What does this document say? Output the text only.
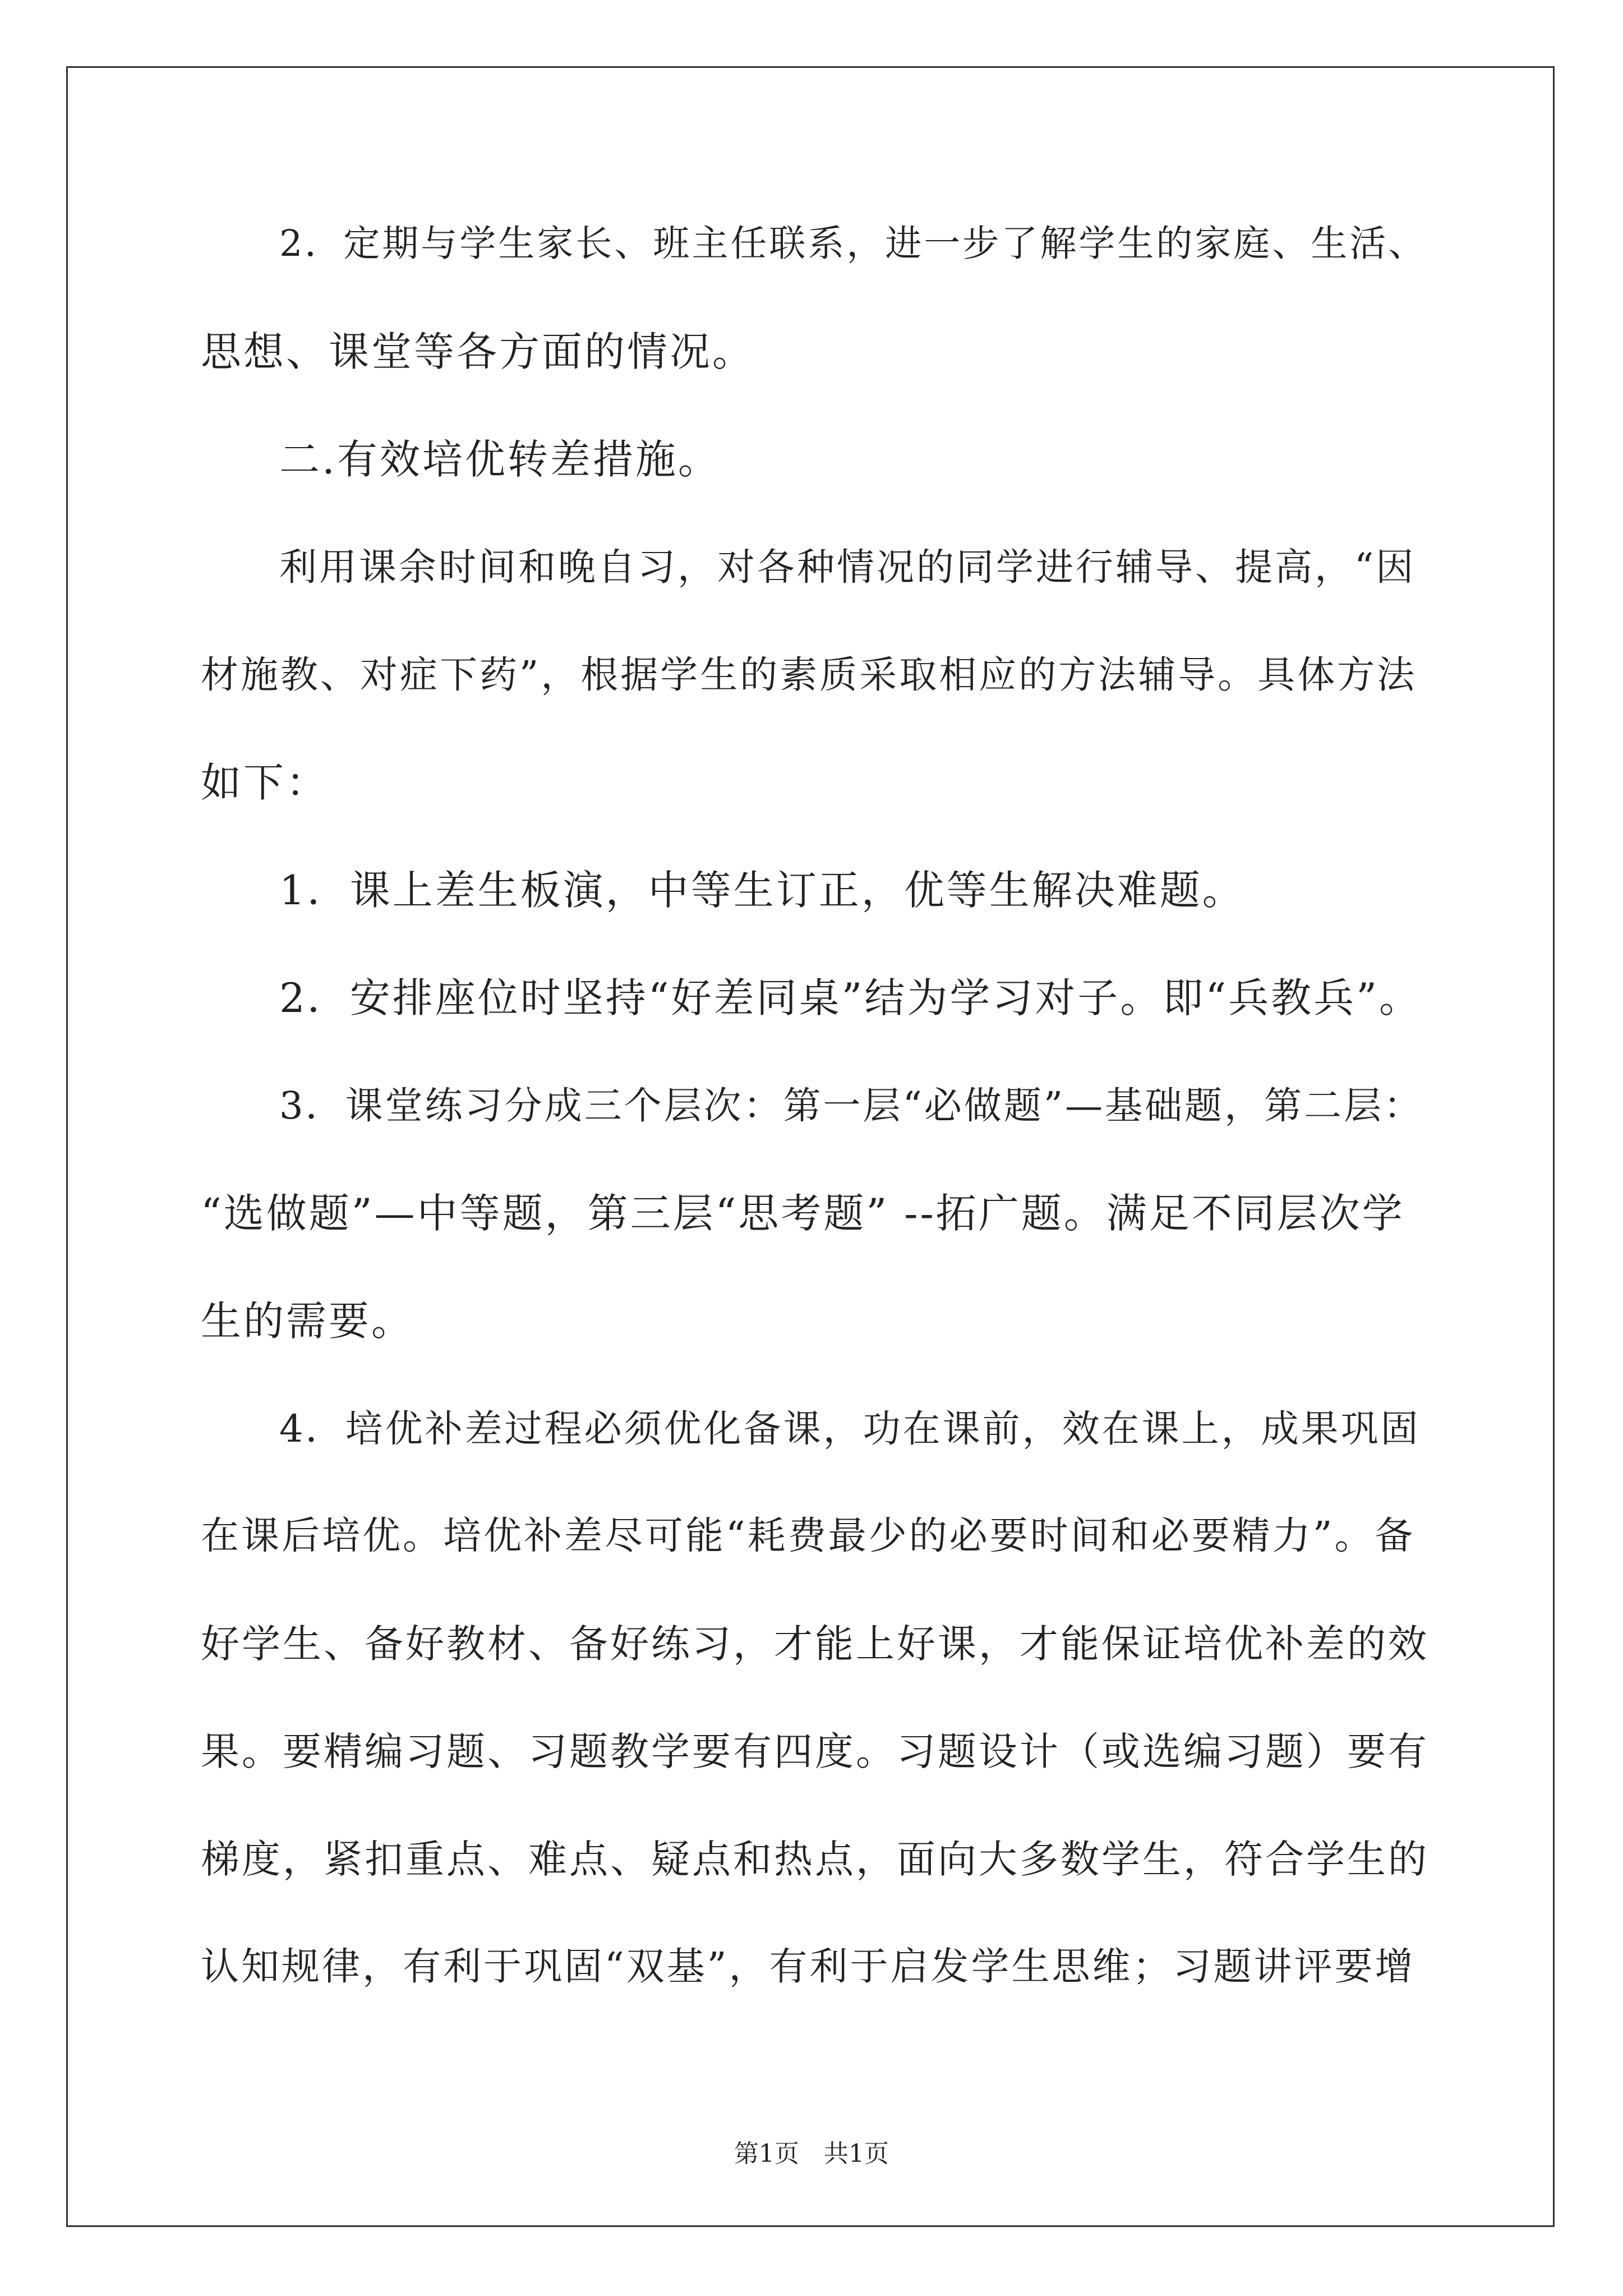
2．定期与学生家长、班主任联系，进一步了解学生的家庭、生活、
思想、课堂等各方面的情况。
二.有效培优转差措施。
利用课余时间和晚自习，对各种情况的同学进行辅导、提高，“因
材施教、对症下药”，根据学生的素质采取相应的方法辅导。具体方法
如下：
1．课上差生板演，中等生订正，优等生解决难题。
2．安排座位时坚持“好差同桌”结为学习对子。即“兵教兵”。
3．课堂练习分成三个层次：第一层“必做题”—基础题，第二层：
“选做题”—中等题，第三层“思考题” --拓广题。满足不同层次学
生的需要。
4．培优补差过程必须优化备课，功在课前，效在课上，成果巩固
在课后培优。培优补差尽可能“耗费最少的必要时间和必要精力”。备
好学生、备好教材、备好练习，才能上好课，才能保证培优补差的效
果。要精编习题、习题教学要有四度。习题设计（或选编习题）要有
梯度，紧扣重点、难点、疑点和热点，面向大多数学生，符合学生的
认知规律，有利于巩固“双基”，有利于启发学生思维；习题讲评要增
第1页　共1页
